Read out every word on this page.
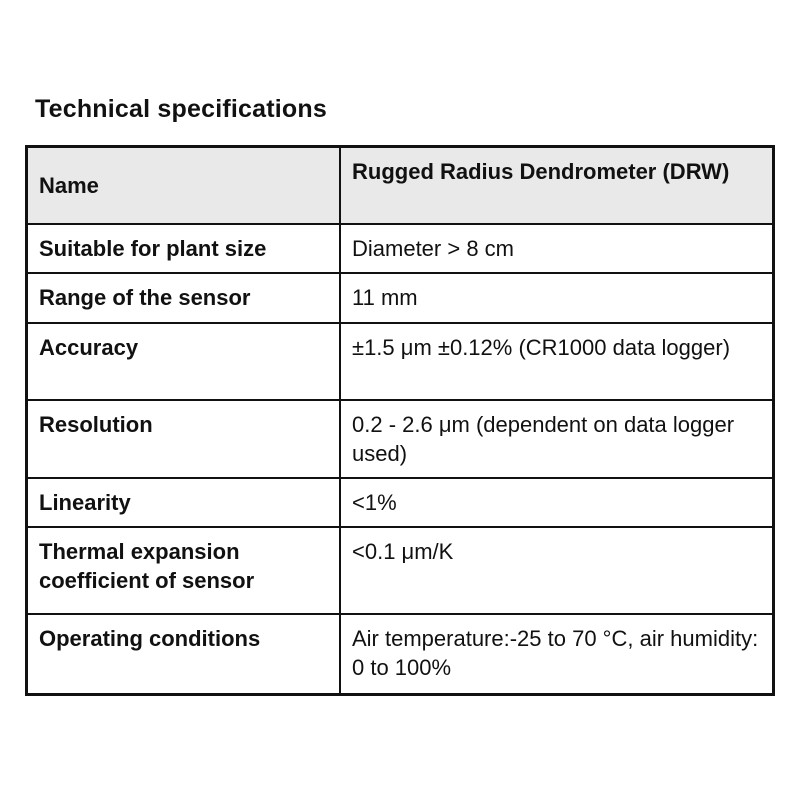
Technical specifications
Name	Rugged Radius Dendrometer (DRW)
Suitable for plant size	Diameter > 8 cm
Range of the sensor	11 mm
Accuracy	±1.5 μm ±0.12% (CR1000 data logger)
Resolution	0.2 - 2.6 μm (dependent on data logger used)
Linearity	<1%
Thermal expansion coefficient of sensor	<0.1 μm/K
Operating conditions	Air temperature:-25 to 70 °C, air humidity: 0 to 100%
